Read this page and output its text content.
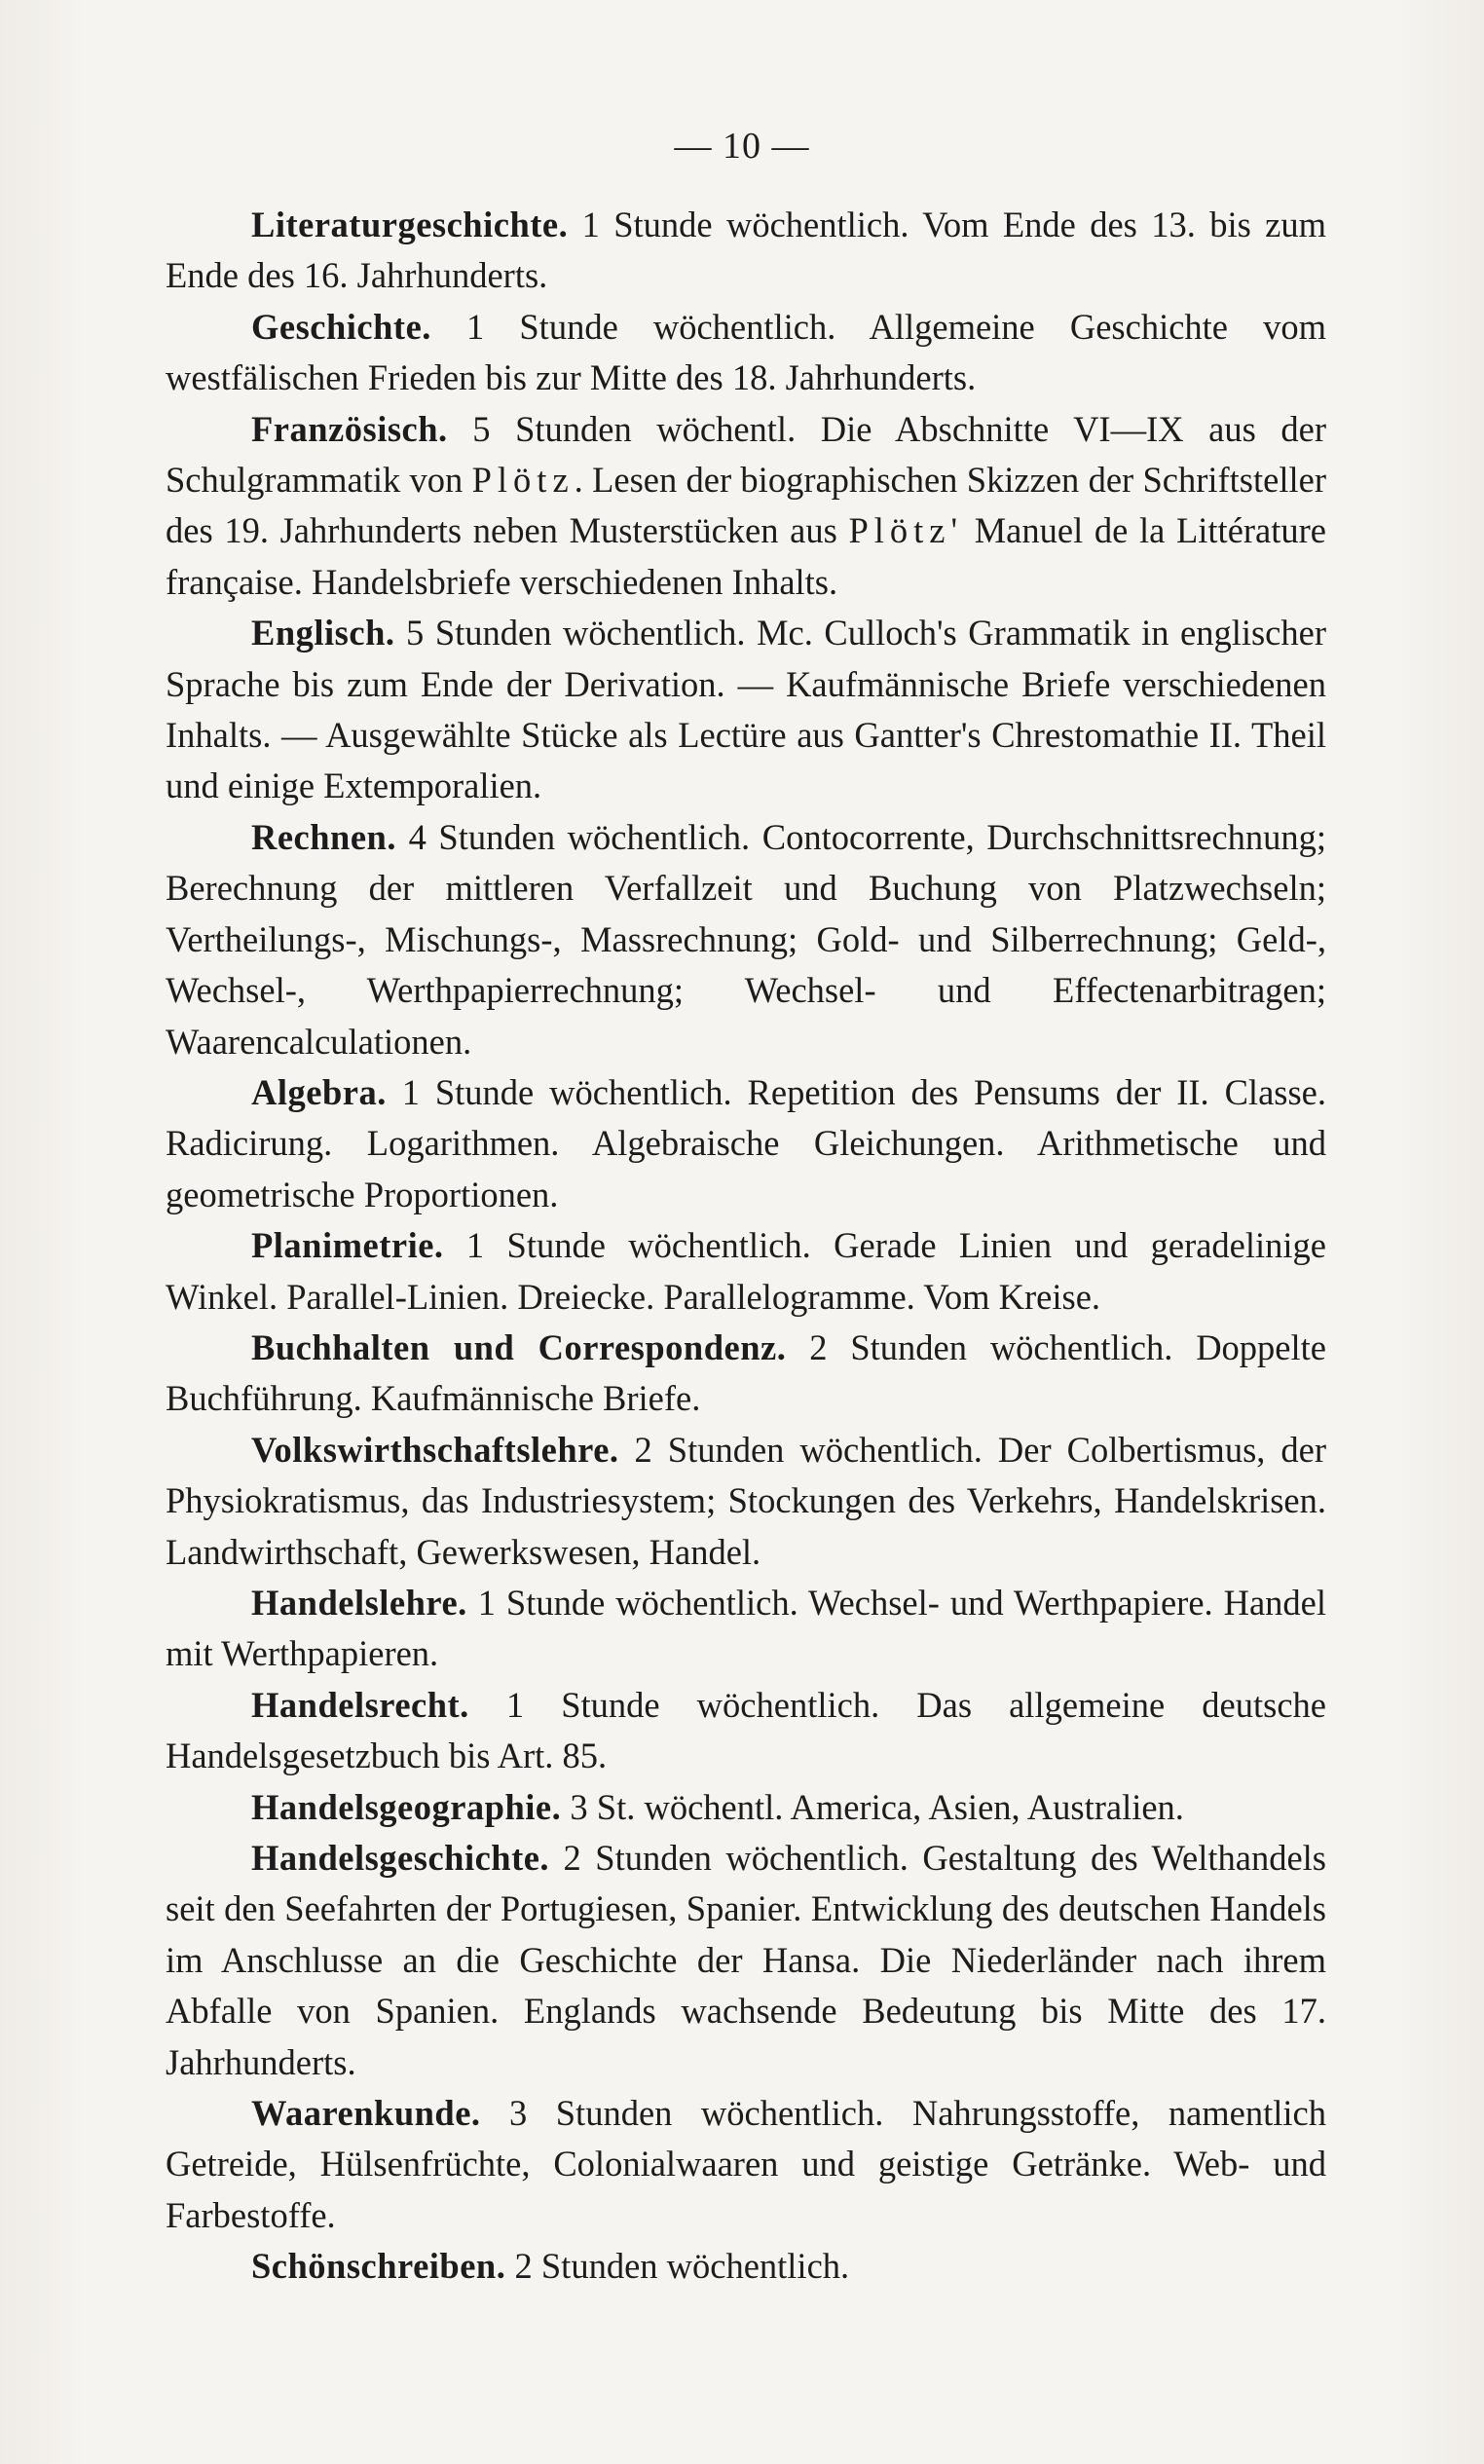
— 10 —

Literaturgeschichte. 1 Stunde wöchentlich. Vom Ende des 13. bis zum Ende des 16. Jahrhunderts.

Geschichte. 1 Stunde wöchentlich. Allgemeine Geschichte vom westfälischen Frieden bis zur Mitte des 18. Jahrhunderts.

Französisch. 5 Stunden wöchentl. Die Abschnitte VI—IX aus der Schulgrammatik von Plötz. Lesen der biographischen Skizzen der Schriftsteller des 19. Jahrhunderts neben Musterstücken aus Plötz' Manuel de la Littérature française. Handelsbriefe verschiedenen Inhalts.

Englisch. 5 Stunden wöchentlich. Mc. Culloch's Grammatik in englischer Sprache bis zum Ende der Derivation. — Kaufmännische Briefe verschiedenen Inhalts. — Ausgewählte Stücke als Lectüre aus Gantter's Chrestomathie II. Theil und einige Extemporalien.

Rechnen. 4 Stunden wöchentlich. Contocorrente, Durchschnittsrechnung; Berechnung der mittleren Verfallzeit und Buchung von Platzwechseln; Vertheilungs-, Mischungs-, Massrechnung; Gold- und Silberrechnung; Geld-, Wechsel-, Werthpapierrechnung; Wechsel- und Effectenarbitragen; Waarencalculationen.

Algebra. 1 Stunde wöchentlich. Repetition des Pensums der II. Classe. Radicirung. Logarithmen. Algebraische Gleichungen. Arithmetische und geometrische Proportionen.

Planimetrie. 1 Stunde wöchentlich. Gerade Linien und geradelinige Winkel. Parallel-Linien. Dreiecke. Parallelogramme. Vom Kreise.

Buchhalten und Correspondenz. 2 Stunden wöchentlich. Doppelte Buchführung. Kaufmännische Briefe.

Volkswirthschaftslehre. 2 Stunden wöchentlich. Der Colbertismus, der Physiokratismus, das Industriesystem; Stockungen des Verkehrs, Handelskrisen. Landwirthschaft, Gewerkswesen, Handel.

Handelslehre. 1 Stunde wöchentlich. Wechsel- und Werthpapiere. Handel mit Werthpapieren.

Handelsrecht. 1 Stunde wöchentlich. Das allgemeine deutsche Handelsgesetzbuch bis Art. 85.

Handelsgeographie. 3 St. wöchentl. America, Asien, Australien.

Handelsgeschichte. 2 Stunden wöchentlich. Gestaltung des Welthandels seit den Seefahrten der Portugiesen, Spanier. Entwicklung des deutschen Handels im Anschlusse an die Geschichte der Hansa. Die Niederländer nach ihrem Abfalle von Spanien. Englands wachsende Bedeutung bis Mitte des 17. Jahrhunderts.

Waarenkunde. 3 Stunden wöchentlich. Nahrungsstoffe, namentlich Getreide, Hülsenfrüchte, Colonialwaaren und geistige Getränke. Web- und Farbestoffe.

Schönschreiben. 2 Stunden wöchentlich.
